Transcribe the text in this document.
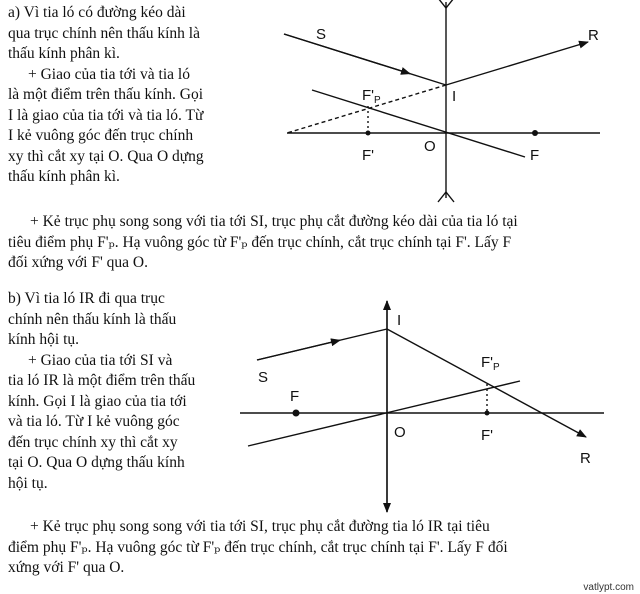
a) Vì tia ló có đường kéo dài
qua trục chính nên thấu kính là
thấu kính phân kì.
+ Giao của tia tới và tia ló
là một điểm trên thấu kính. Gọi
I là giao của tia tới và tia ló. Từ
I kẻ vuông góc đến trục chính
xy thì cắt xy tại O. Qua O dựng
thấu kính phân kì.
+ Kẻ trục phụ song song với tia tới SI, trục phụ cắt đường kéo dài của tia ló tại
tiêu điểm phụ F'ₚ. Hạ vuông góc từ F'ₚ đến trục chính, cắt trục chính tại F'. Lấy F
đối xứng với F' qua O.
b) Vì tia ló IR đi qua trục
chính nên thấu kính là thấu
kính hội tụ.
+ Giao của tia tới SI và
tia ló IR là một điểm trên thấu
kính. Gọi I là giao của tia tới
và tia ló. Từ I kẻ vuông góc
đến trục chính xy thì cắt xy
tại O. Qua O dựng thấu kính
hội tụ.
+ Kẻ trục phụ song song với tia tới SI, trục phụ cắt đường tia ló IR tại tiêu
điểm phụ F'ₚ. Hạ vuông góc từ F'ₚ đến trục chính, cắt trục chính tại F'. Lấy F đối
xứng với F' qua O.
S	R
I
$F'_P$
F'
O
F
S
R
I
$F'_P$
F
O	F'
vatlypt.com
